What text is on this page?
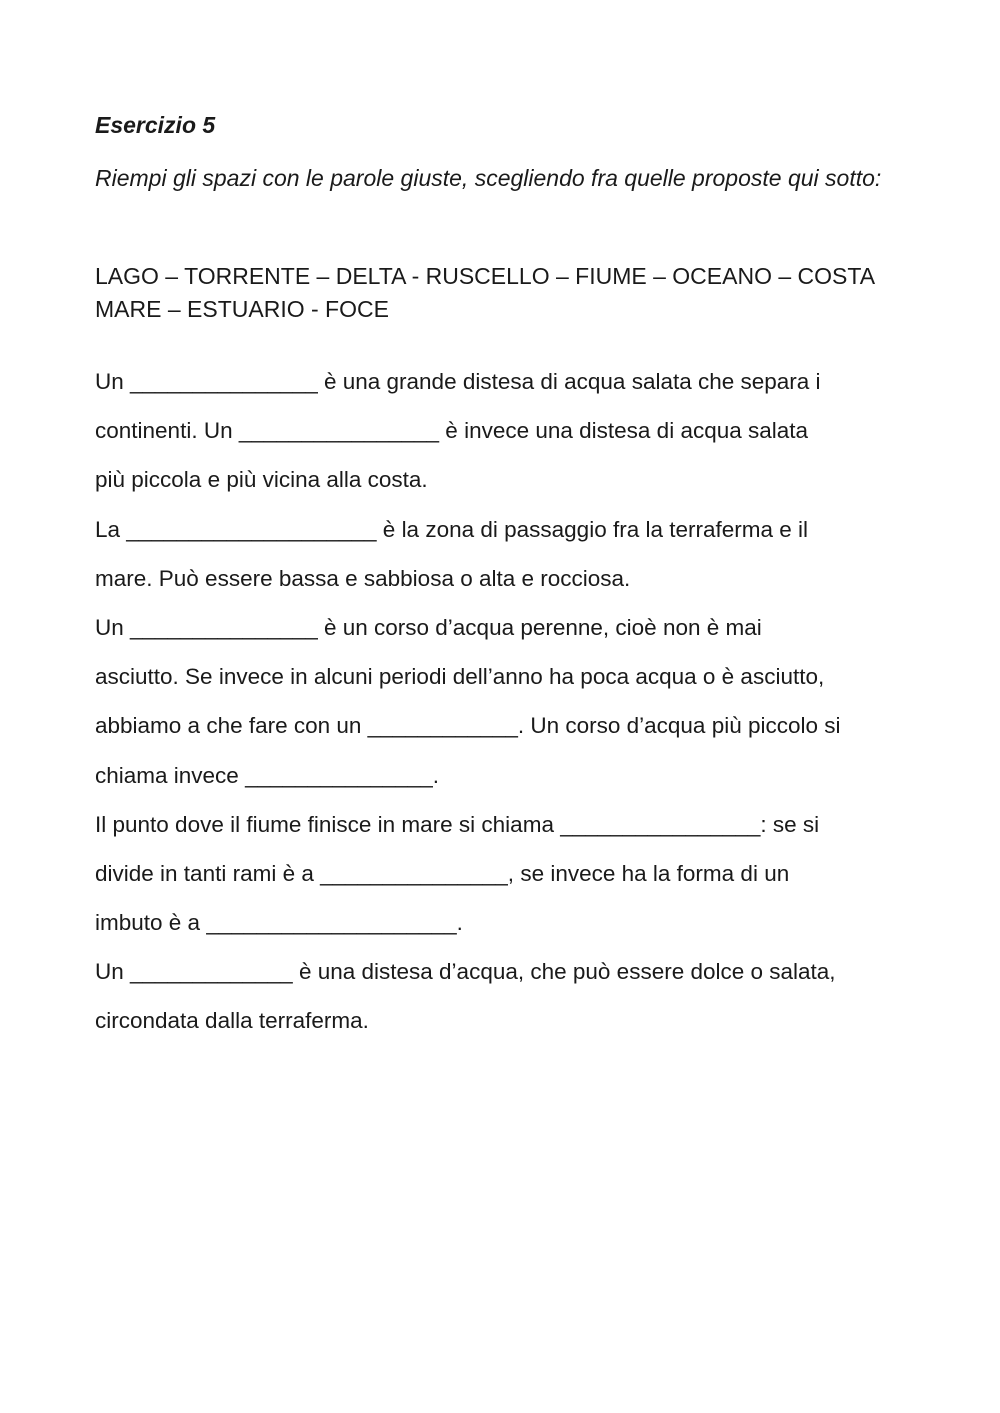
Esercizio 5
Riempi gli spazi con le parole giuste, scegliendo fra quelle proposte qui sotto:
LAGO – TORRENTE – DELTA - RUSCELLO – FIUME – OCEANO – COSTA
MARE – ESTUARIO - FOCE
Un _______________ è una grande distesa di acqua salata che separa i
continenti. Un ________________ è invece una distesa di acqua salata
più piccola e più vicina alla costa.
La ____________________ è la zona di passaggio fra la terraferma e il
mare. Può essere bassa e sabbiosa o alta e rocciosa.
Un _______________ è un corso d’acqua perenne, cioè non è mai
asciutto. Se invece in alcuni periodi dell’anno ha poca acqua o è asciutto,
abbiamo a che fare con un ____________. Un corso d’acqua più piccolo si
chiama invece _______________.
Il punto dove il fiume finisce in mare si chiama ________________: se si
divide in tanti rami è a _______________, se invece ha la forma di un
imbuto è a ____________________.
Un _____________ è una distesa d’acqua, che può essere dolce o salata,
circondata dalla terraferma.
